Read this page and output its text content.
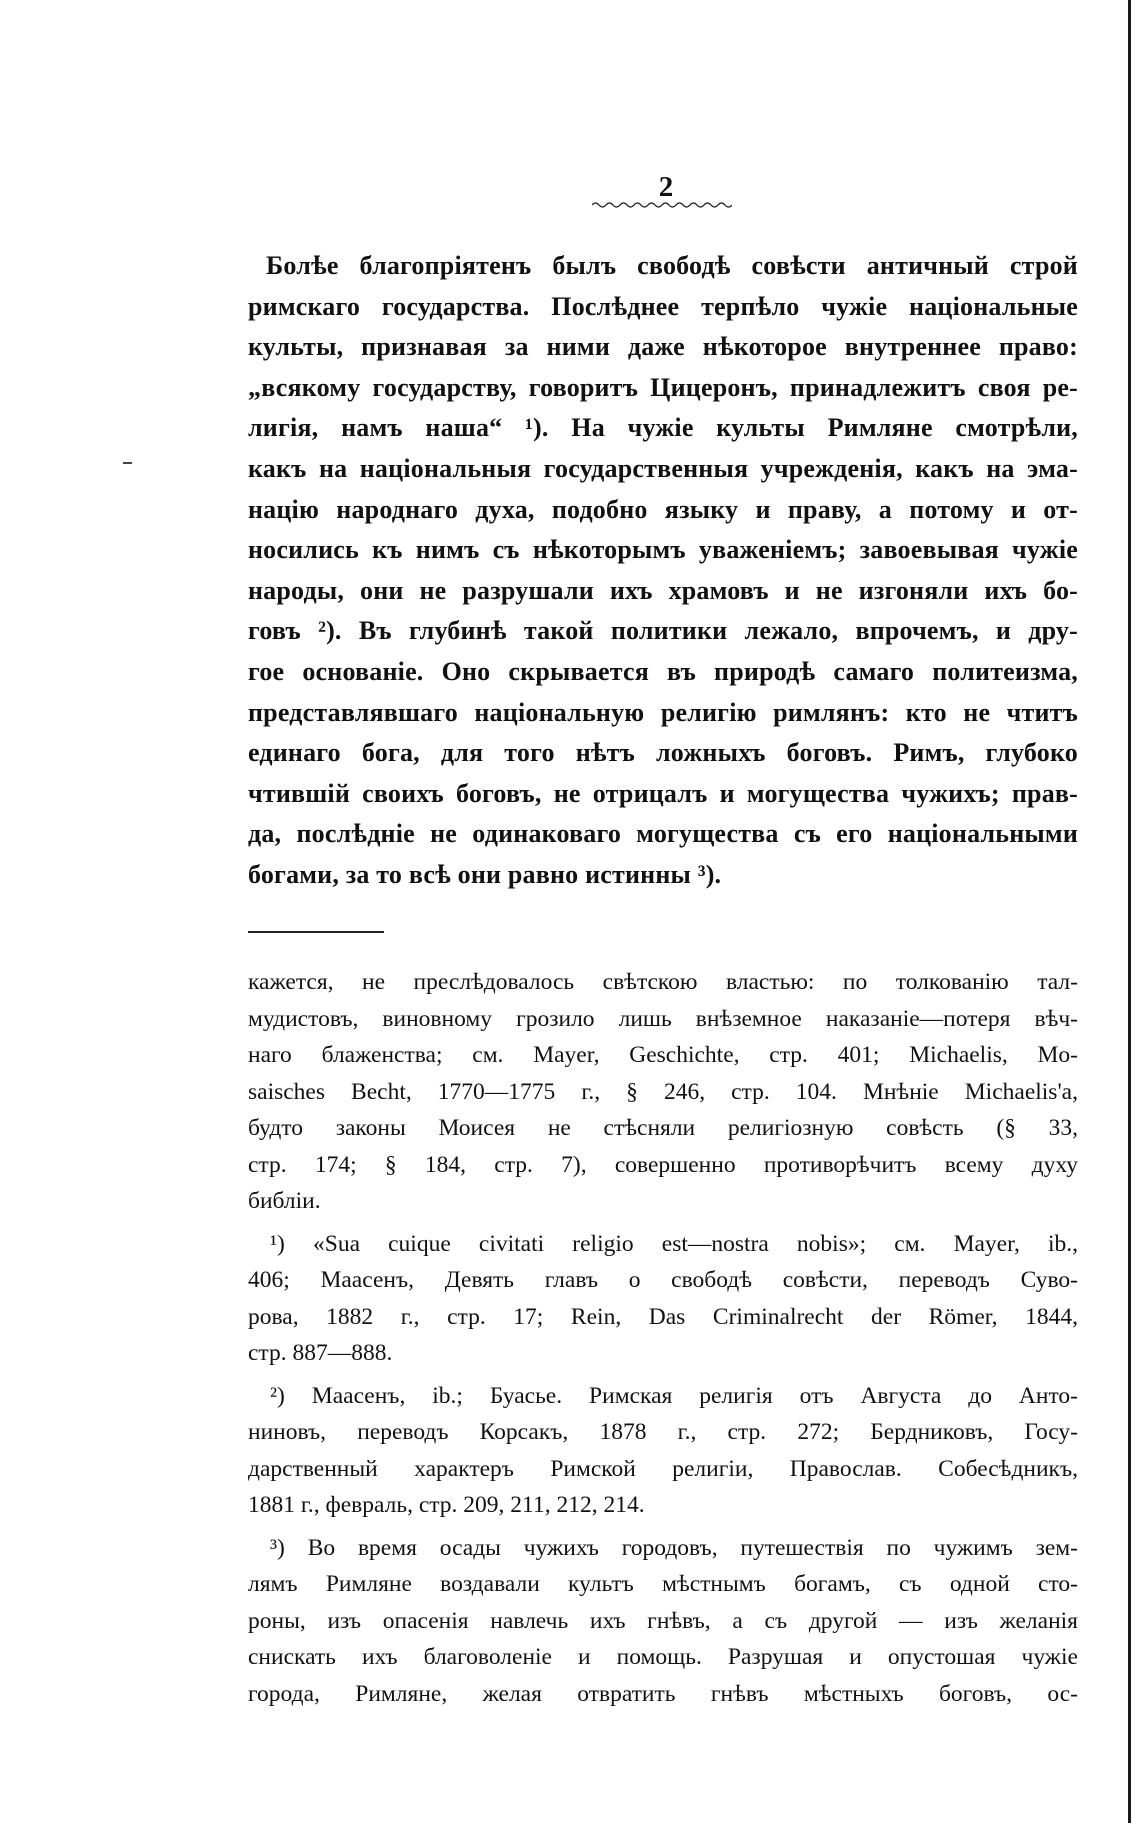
2
Болѣе благопріятенъ былъ свободѣ совѣсти античный строй
римскаго государства. Послѣднее терпѣло чужіе національные
культы, признавая за ними даже нѣкоторое внутреннее право:
„всякому государству, говоритъ Цицеронъ, принадлежитъ своя ре-
лигія, намъ наша“ ¹). На чужіе культы Римляне смотрѣли,
какъ на національныя государственныя учрежденія, какъ на эма-
націю народнаго духа, подобно языку и праву, а потому и от-
носились къ нимъ съ нѣкоторымъ уваженіемъ; завоевывая чужіе
народы, они не разрушали ихъ храмовъ и не изгоняли ихъ бо-
говъ ²). Въ глубинѣ такой политики лежало, впрочемъ, и дру-
гое основаніе. Оно скрывается въ природѣ самаго политеизма,
представлявшаго національную религію римлянъ: кто не чтитъ
единаго бога, для того нѣтъ ложныхъ боговъ. Римъ, глубоко
чтившій своихъ боговъ, не отрицалъ и могущества чужихъ; прав-
да, послѣдніе не одинаковаго могущества съ его національными
богами, за то всѣ они равно истинны ³).
кажется, не преслѣдовалось свѣтскою властью: по толкованію тал-
мудистовъ, виновному грозило лишь внѣземное наказаніе—потеря вѣч-
наго блаженства; см. Mayer, Geschichte, стр. 401; Michaelis, Mo-
saisches Becht, 1770—1775 г., § 246, стр. 104. Мнѣніе Michaelis'a,
будто законы Моисея не стѣсняли религіозную совѣсть (§ 33,
стр. 174; § 184, стр. 7), совершенно противорѣчитъ всему духу
библіи.
¹) «Sua cuique civitati religio est—nostra nobis»; см. Mayer, ib.,
406; Маасенъ, Девять главъ о свободѣ совѣсти, переводъ Суво-
рова, 1882 г., стр. 17; Rein, Das Criminalrecht der Römer, 1844,
стр. 887—888.
²) Маасенъ, ib.; Буасье. Римская религія отъ Августа до Анто-
ниновъ, переводъ Корсакъ, 1878 г., стр. 272; Бердниковъ, Госу-
дарственный характеръ Римской религіи, Православ. Собесѣдникъ,
1881 г., февраль, стр. 209, 211, 212, 214.
³) Во время осады чужихъ городовъ, путешествія по чужимъ зем-
лямъ Римляне воздавали культъ мѣстнымъ богамъ, съ одной сто-
роны, изъ опасенія навлечь ихъ гнѣвъ, а съ другой — изъ желанія
снискать ихъ благоволеніе и помощь. Разрушая и опустошая чужіе
города, Римляне, желая отвратить гнѣвъ мѣстныхъ боговъ, ос-
